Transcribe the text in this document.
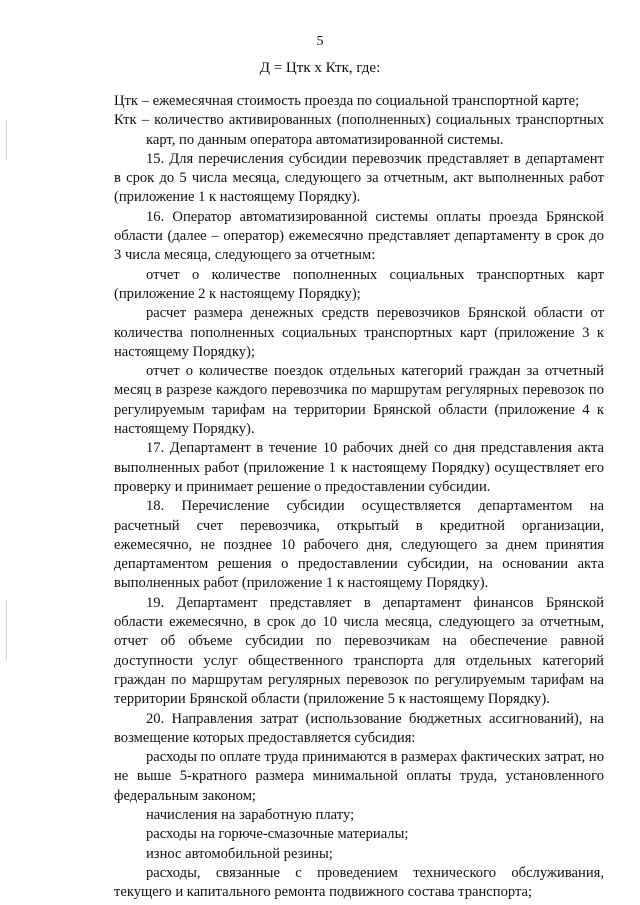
5
Д = Цтк х Ктк, где:

Цтк – ежемесячная стоимость проезда по социальной транспортной карте;

Ктк – количество активированных (пополненных) социальных транспортных карт, по данным оператора автоматизированной системы.

15. Для перечисления субсидии перевозчик представляет в департамент в срок до 5 числа месяца, следующего за отчетным, акт выполненных работ (приложение 1 к настоящему Порядку).

16. Оператор автоматизированной системы оплаты проезда Брянской области (далее – оператор) ежемесячно представляет департаменту в срок до 3 числа месяца, следующего за отчетным:

отчет о количестве пополненных социальных транспортных карт (приложение 2 к настоящему Порядку);

расчет размера денежных средств перевозчиков Брянской области от количества пополненных социальных транспортных карт (приложение 3 к настоящему Порядку);

отчет о количестве поездок отдельных категорий граждан за отчетный месяц в разрезе каждого перевозчика по маршрутам регулярных перевозок по регулируемым тарифам на территории Брянской области (приложение 4 к настоящему Порядку).

17. Департамент в течение 10 рабочих дней со дня представления акта выполненных работ (приложение 1 к настоящему Порядку) осуществляет его проверку и принимает решение о предоставлении субсидии.

18. Перечисление субсидии осуществляется департаментом на расчетный счет перевозчика, открытый в кредитной организации, ежемесячно, не позднее 10 рабочего дня, следующего за днем принятия департаментом решения о предоставлении субсидии, на основании акта выполненных работ (приложение 1 к настоящему Порядку).

19. Департамент представляет в департамент финансов Брянской области ежемесячно, в срок до 10 числа месяца, следующего за отчетным, отчет об объеме субсидии по перевозчикам на обеспечение равной доступности услуг общественного транспорта для отдельных категорий граждан по маршрутам регулярных перевозок по регулируемым тарифам на территории Брянской области (приложение 5 к настоящему Порядку).

20. Направления затрат (использование бюджетных ассигнований), на возмещение которых предоставляется субсидия:

расходы по оплате труда принимаются в размерах фактических затрат, но не выше 5-кратного размера минимальной оплаты труда, установленного федеральным законом;

начисления на заработную плату;

расходы на горюче-смазочные материалы;

износ автомобильной резины;

расходы, связанные с проведением технического обслуживания, текущего и капитального ремонта подвижного состава транспорта;
